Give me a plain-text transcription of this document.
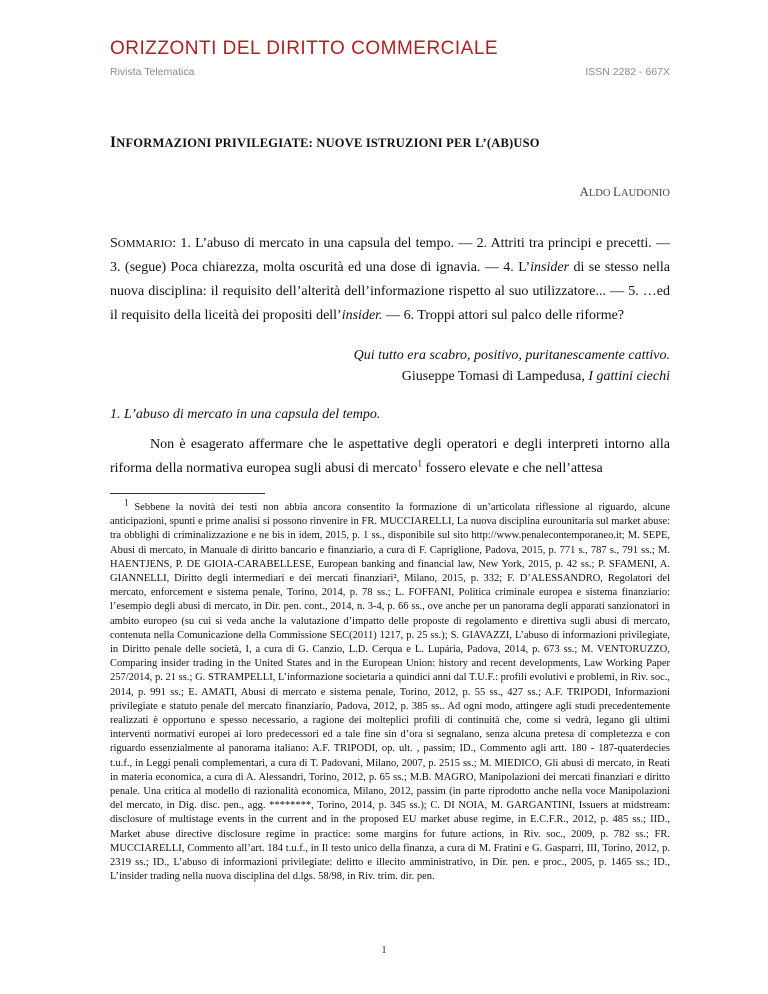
ORIZZONTI DEL DIRITTO COMMERCIALE
Rivista Telematica	ISSN 2282 - 667X
INFORMAZIONI PRIVILEGIATE: NUOVE ISTRUZIONI PER L’(AB)USO
ALDO LAUDONIO
SOMMARIO: 1. L’abuso di mercato in una capsula del tempo. — 2. Attriti tra principi e precetti. — 3. (segue) Poca chiarezza, molta oscurità ed una dose di ignavia. — 4. L’insider di se stesso nella nuova disciplina: il requisito dell’alterità dell’informazione rispetto al suo utilizzatore... — 5. …ed il requisito della liceità dei propositi dell’insider. — 6. Troppi attori sul palco delle riforme?
Qui tutto era scabro, positivo, puritanescamente cattivo.
Giuseppe Tomasi di Lampedusa, I gattini ciechi
1. L’abuso di mercato in una capsula del tempo.
Non è esagerato affermare che le aspettative degli operatori e degli interpreti intorno alla riforma della normativa europea sugli abusi di mercato$^1$ fossero elevate e che nell’attesa
$^1$ Sebbene la novità dei testi non abbia ancora consentito la formazione di un’articolata riflessione al riguardo, alcune anticipazioni, spunti e prime analisi si possono rinvenire in FR. MUCCIARELLI, La nuova disciplina eurounitaria sul market abuse: tra obblighi di criminalizzazione e ne bis in idem, 2015, p. 1 ss., disponibile sul sito http://www.penalecontemporaneo.it; M. SEPE, Abusi di mercato, in Manuale di diritto bancario e finanziario, a cura di F. Capriglione, Padova, 2015, p. 771 s., 787 s., 791 ss.; M. HAENTJENS, P. DE GIOIA-CARABELLESE, European banking and financial law, New York, 2015, p. 42 ss.; P. SFAMENI, A. GIANNELLI, Diritto degli intermediari e dei mercati finanziari², Milano, 2015, p. 332; F. D’ALESSANDRO, Regolatori del mercato, enforcement e sistema penale, Torino, 2014, p. 78 ss.; L. FOFFANI, Politica criminale europea e sistema finanziario: l’esempio degli abusi di mercato, in Dir. pen. cont., 2014, n. 3-4, p. 66 ss., ove anche per un panorama degli apparati sanzionatori in ambito europeo (su cui si veda anche la valutazione d’impatto delle proposte di regolamento e direttiva sugli abusi di mercato, contenuta nella Comunicazione della Commissione SEC(2011) 1217, p. 25 ss.); S. GIAVAZZI, L’abuso di informazioni privilegiate, in Diritto penale delle società, I, a cura di G. Canzio, L.D. Cerqua e L. Lupária, Padova, 2014, p. 673 ss.; M. VENTORUZZO, Comparing insider trading in the United States and in the European Union: history and recent developments, Law Working Paper 257/2014, p. 21 ss.; G. STRAMPELLI, L’informazione societaria a quindici anni dal T.U.F.: profili evolutivi e problemi, in Riv. soc., 2014, p. 991 ss.; E. AMATI, Abusi di mercato e sistema penale, Torino, 2012, p. 55 ss., 427 ss.; A.F. TRIPODI, Informazioni privilegiate e statuto penale del mercato finanziario, Padova, 2012, p. 385 ss.. Ad ogni modo, attingere agli studi precedentemente realizzati è opportuno e spesso necessario, a ragione dei molteplici profili di continuità che, come si vedrà, legano gli ultimi interventi normativi europei ai loro predecessori ed a tale fine sin d’ora si segnalano, senza alcuna pretesa di completezza e con riguardo essenzialmente al panorama italiano: A.F. TRIPODI, op. ult. , passim; ID., Commento agli artt. 180 - 187-quaterdecies t.u.f., in Leggi penali complementari, a cura di T. Padovani, Milano, 2007, p. 2515 ss.; M. MIEDICO, Gli abusi di mercato, in Reati in materia economica, a cura di A. Alessandri, Torino, 2012, p. 65 ss.; M.B. MAGRO, Manipolazioni dei mercati finanziari e diritto penale. Una critica al modello di razionalità economica, Milano, 2012, passim (in parte riprodotto anche nella voce Manipolazioni del mercato, in Dig. disc. pen., agg. ********, Torino, 2014, p. 345 ss.); C. DI NOIA, M. GARGANTINI, Issuers at midstream: disclosure of multistage events in the current and in the proposed EU market abuse regime, in E.C.F.R., 2012, p. 485 ss.; IID., Market abuse directive disclosure regime in practice: some margins for future actions, in Riv. soc., 2009, p. 782 ss.; FR. MUCCIARELLI, Commento all’art. 184 t.u.f., in Il testo unico della finanza, a cura di M. Fratini e G. Gasparri, III, Torino, 2012, p. 2319 ss.; ID., L’abuso di informazioni privilegiate: delitto e illecito amministrativo, in Dir. pen. e proc., 2005, p. 1465 ss.; ID., L’insider trading nella nuova disciplina del d.lgs. 58/98, in Riv. trim. dir. pen.
1
